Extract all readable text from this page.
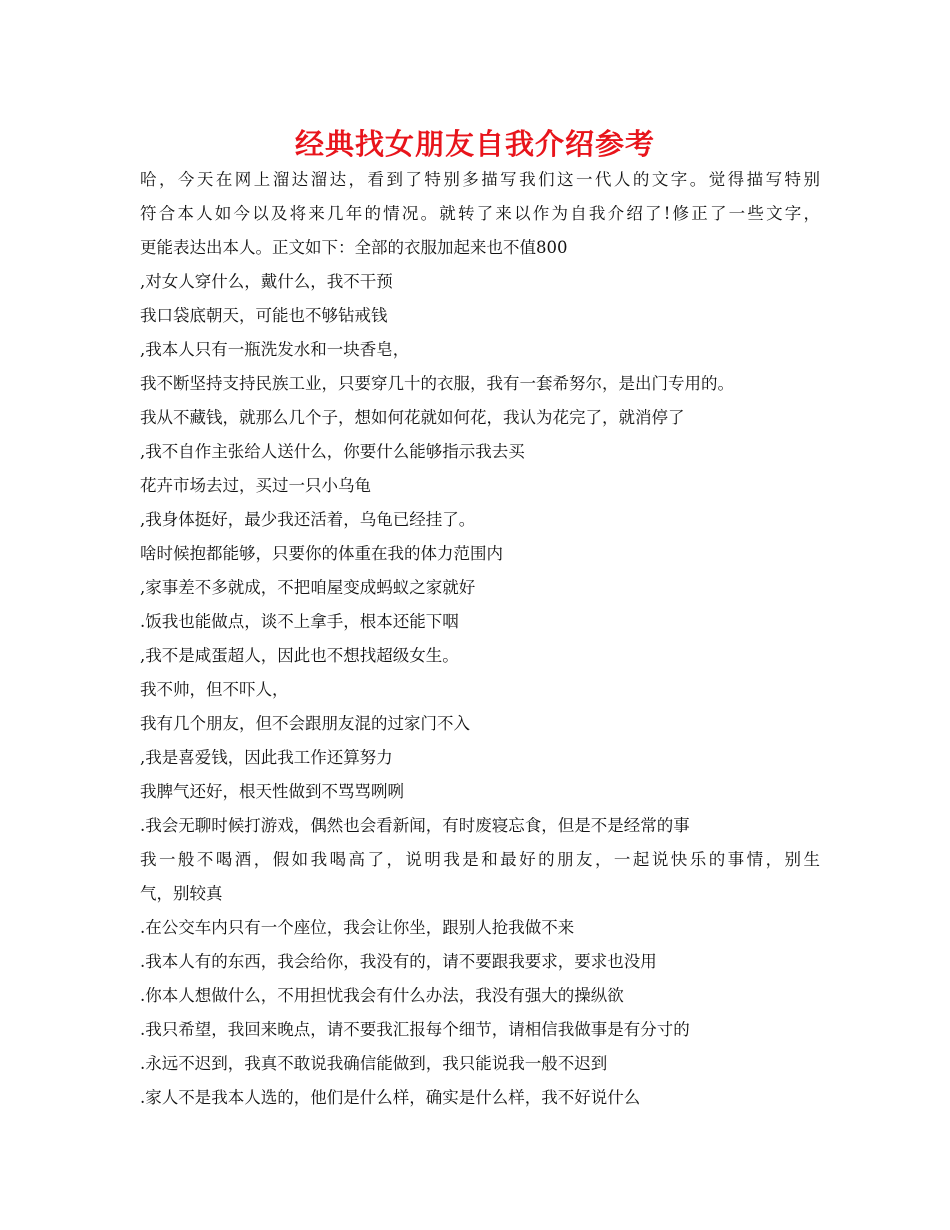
经典找女朋友自我介绍参考
哈，今天在网上溜达溜达，看到了特别多描写我们这一代人的文字。觉得描写特别
符合本人如今以及将来几年的情况。就转了来以作为自我介绍了!修正了一些文字，
更能表达出本人。正文如下：全部的衣服加起来也不值800
,对女人穿什么，戴什么，我不干预
我口袋底朝天，可能也不够钻戒钱
,我本人只有一瓶洗发水和一块香皂，
我不断坚持支持民族工业，只要穿几十的衣服，我有一套希努尔，是出门专用的。
我从不藏钱，就那么几个子，想如何花就如何花，我认为花完了，就消停了
,我不自作主张给人送什么，你要什么能够指示我去买
花卉市场去过，买过一只小乌龟
,我身体挺好，最少我还活着，乌龟已经挂了。
啥时候抱都能够，只要你的体重在我的体力范围内
,家事差不多就成，不把咱屋变成蚂蚁之家就好
.饭我也能做点，谈不上拿手，根本还能下咽
,我不是咸蛋超人，因此也不想找超级女生。
我不帅，但不吓人，
我有几个朋友，但不会跟朋友混的过家门不入
,我是喜爱钱，因此我工作还算努力
我脾气还好，根天性做到不骂骂咧咧
.我会无聊时候打游戏，偶然也会看新闻，有时废寝忘食，但是不是经常的事
我一般不喝酒，假如我喝高了，说明我是和最好的朋友，一起说快乐的事情，别生
气，别较真
.在公交车内只有一个座位，我会让你坐，跟别人抢我做不来
.我本人有的东西，我会给你，我没有的，请不要跟我要求，要求也没用
.你本人想做什么，不用担忧我会有什么办法，我没有强大的操纵欲
.我只希望，我回来晚点，请不要我汇报每个细节，请相信我做事是有分寸的
.永远不迟到，我真不敢说我确信能做到，我只能说我一般不迟到
.家人不是我本人选的，他们是什么样，确实是什么样，我不好说什么
